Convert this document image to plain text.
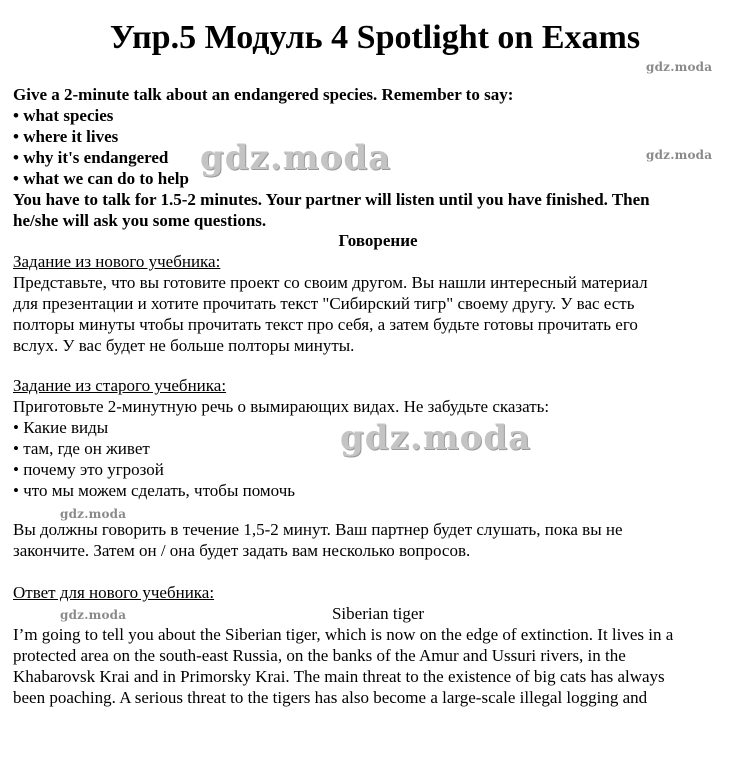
Упр.5 Модуль 4 Spotlight on Exams
Give a 2-minute talk about an endangered species. Remember to say:
• what species
• where it lives
• why it's endangered
• what we can do to help
You have to talk for 1.5-2 minutes. Your partner will listen until you have finished. Then
he/she will ask you some questions.
Говорение
Задание из нового учебника:
Представьте, что вы готовите проект со своим другом. Вы нашли интересный материал
для презентации и хотите прочитать текст "Сибирский тигр" своему другу. У вас есть
полторы минуты чтобы прочитать текст про себя, а затем будьте готовы прочитать его
вслух. У вас будет не больше полторы минуты.
Задание из старого учебника:
Приготовьте 2-минутную речь о вымирающих видах. Не забудьте сказать:
• Какие виды
• там, где он живет
• почему это угрозой
• что мы можем сделать, чтобы помочь
Вы должны говорить в течение 1,5-2 минут. Ваш партнер будет слушать, пока вы не
закончите. Затем он / она будет задать вам несколько вопросов.
Ответ для нового учебника:
Siberian tiger
I’m going to tell you about the Siberian tiger, which is now on the edge of extinction. It lives in a
protected area on the south-east Russia, on the banks of the Amur and Ussuri rivers, in the
Khabarovsk Krai and in Primorsky Krai. The main threat to the existence of big cats has always
been poaching. A serious threat to the tigers has also become a large-scale illegal logging and
gdz.moda
gdz.moda
gdz.moda
gdz.moda
gdz.moda
gdz.moda
